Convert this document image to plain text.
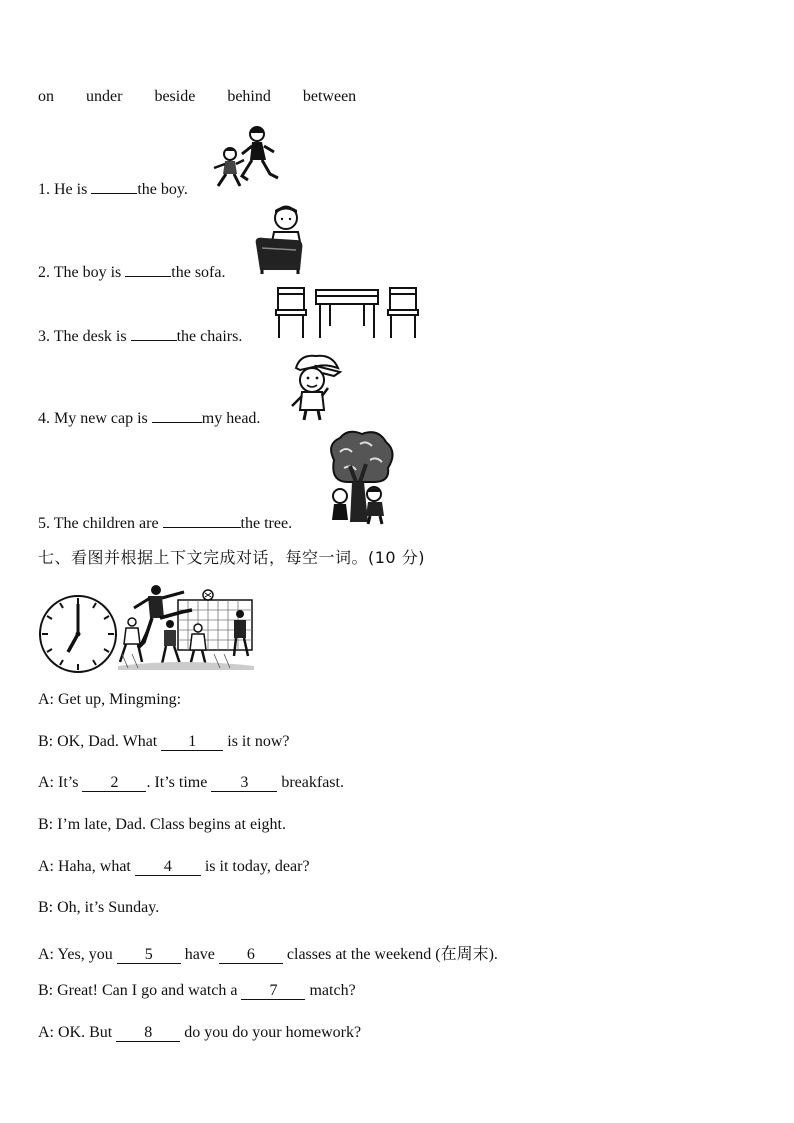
on under beside behind between
1. He is	the boy.
2. The boy is	the sofa.
3. The desk is	the chairs.
4. My new cap is	my head.
5. The children are	the tree.
七、看图并根据上下文完成对话，每空一词。(10 分)
A: Get up, Mingming:
B: OK, Dad. What 1 is it now?
A: It’s 2 . It’s time 3 breakfast.
B: I’m late, Dad. Class begins at eight.
A: Haha, what 4 is it today, dear?
B: Oh, it’s Sunday.
A: Yes, you 5 have 6 classes at the weekend (在周末).
B: Great! Can I go and watch a 7 match?
A: OK. But 8 do you do your homework?
